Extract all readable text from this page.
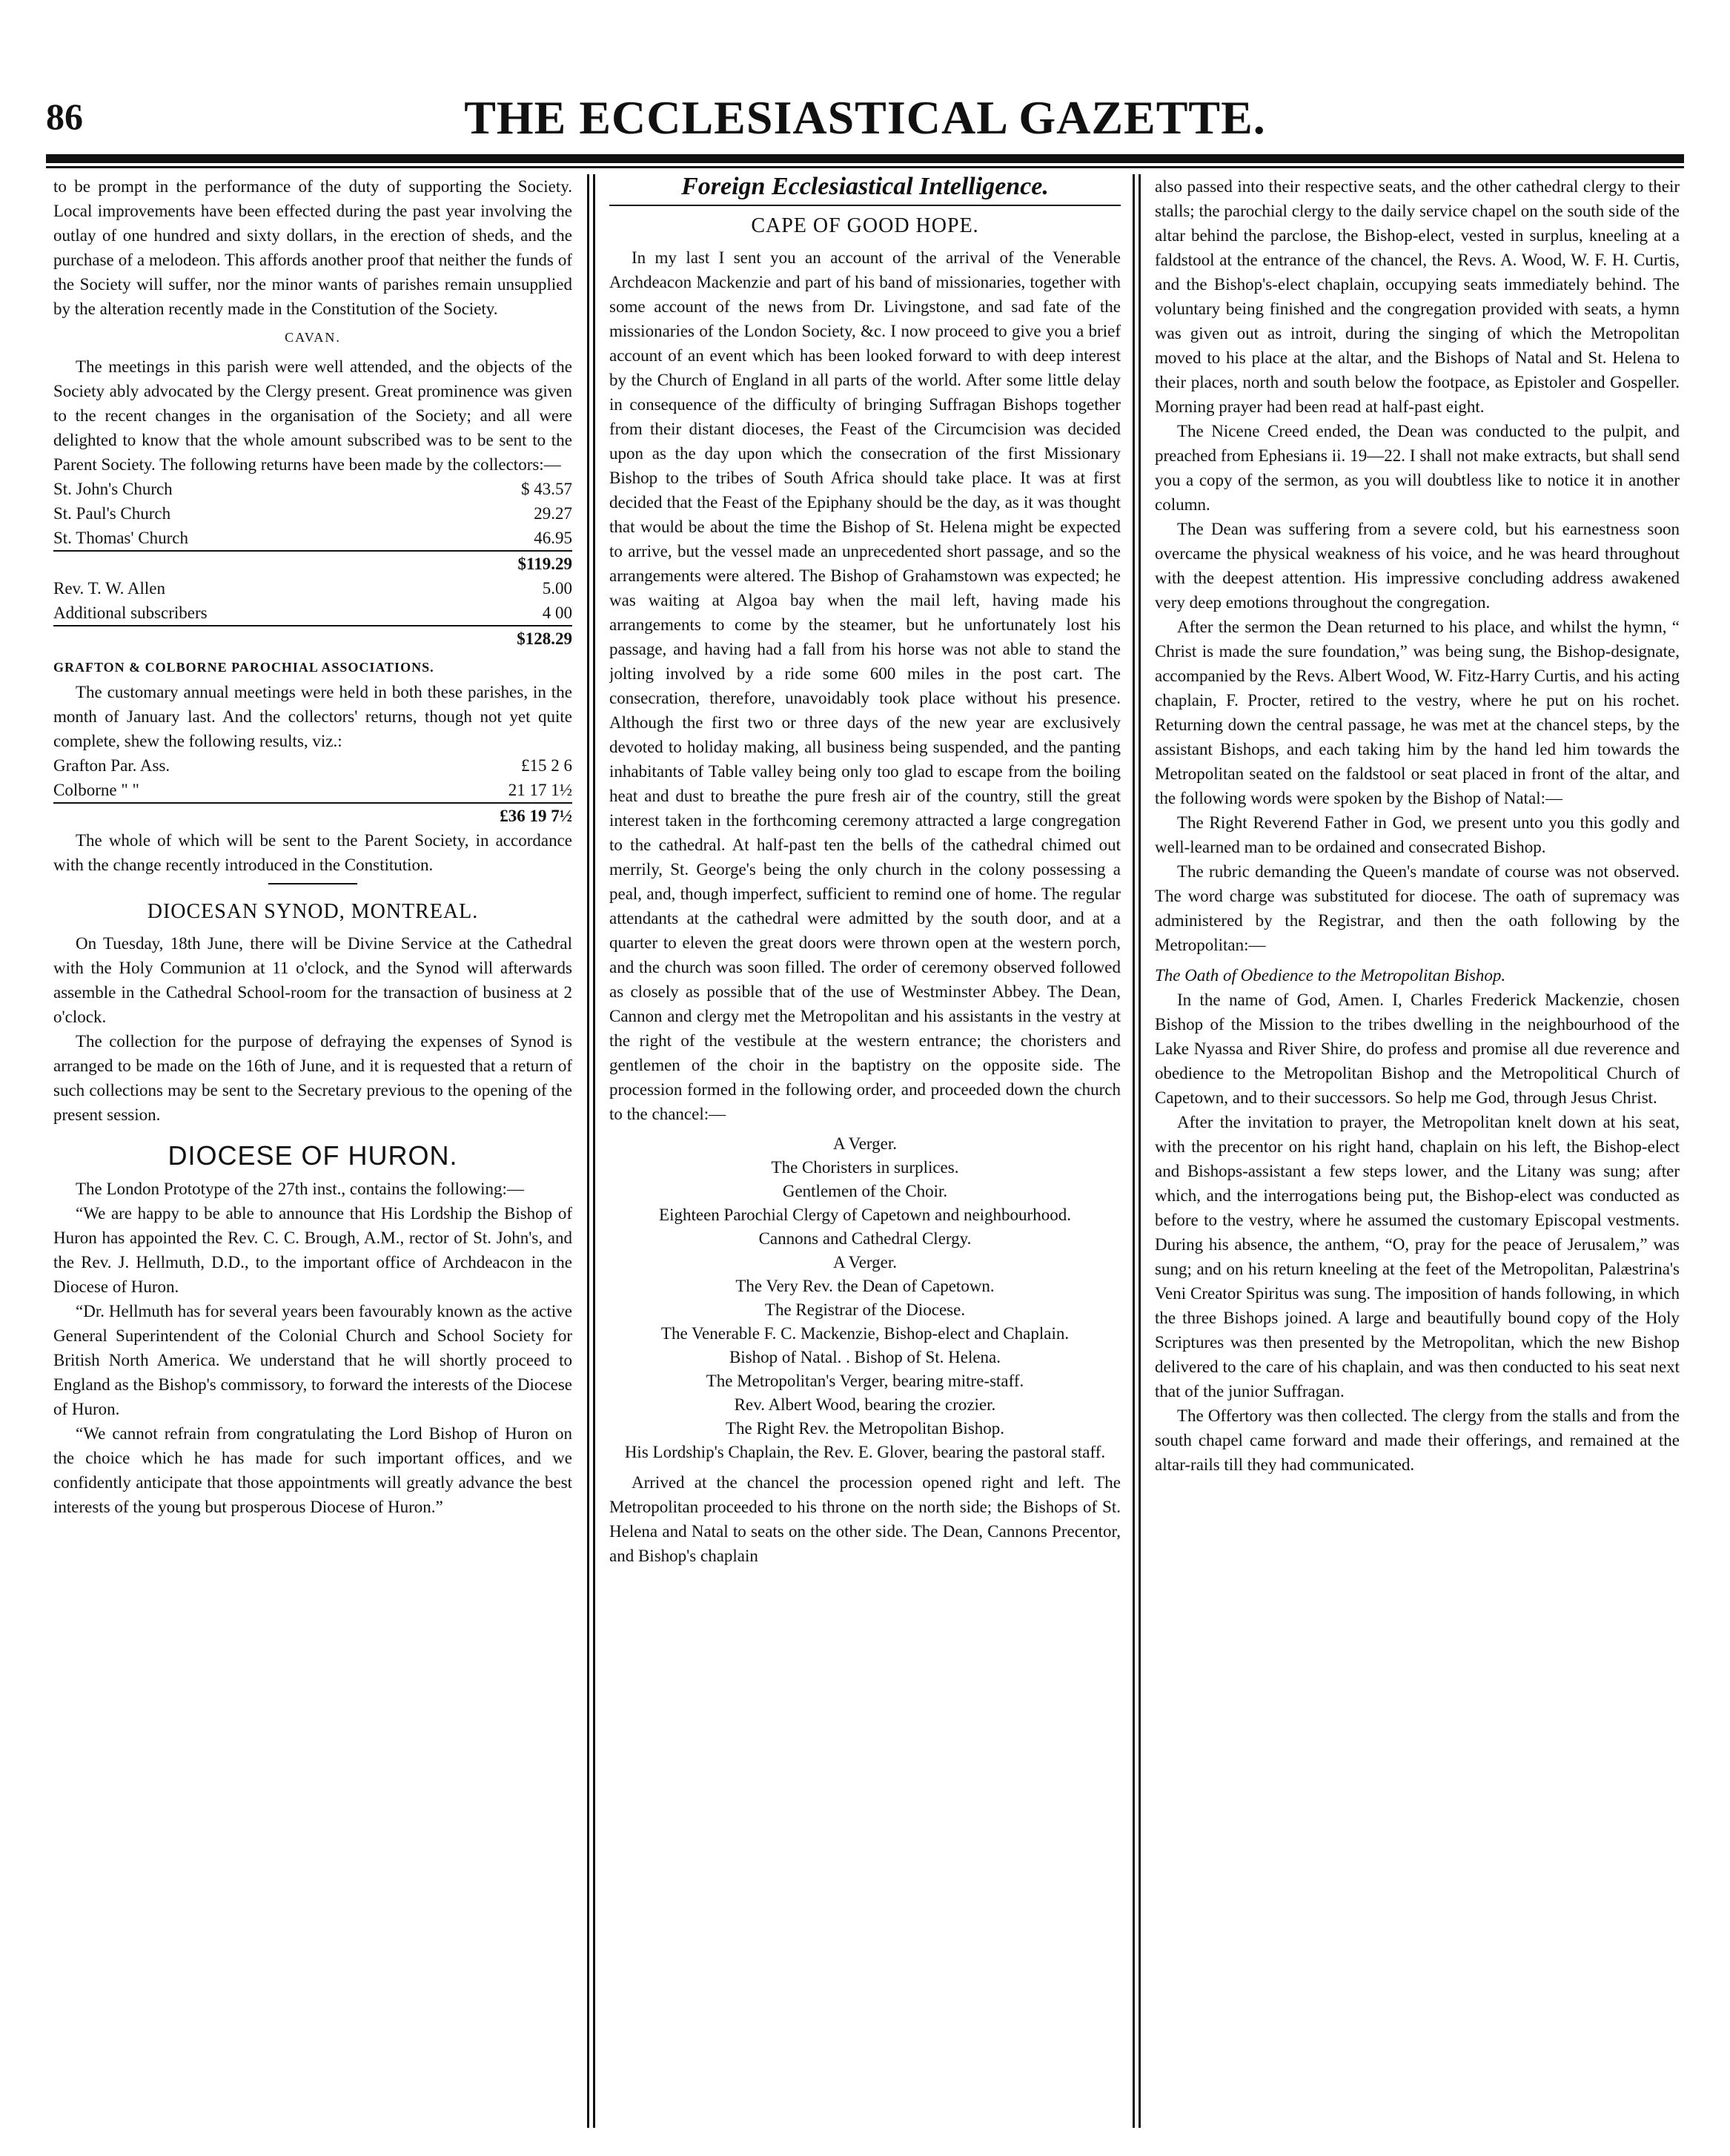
86	THE ECCLESIASTICAL GAZETTE.

to be prompt in the performance of the duty of supporting the Society. Local improvements have been effected during the past year involving the outlay of one hundred and sixty dollars, in the erection of sheds, and the purchase of a melodeon. This affords another proof that neither the funds of the Society will suffer, nor the minor wants of parishes remain unsupplied by the alteration recently made in the Constitution of the Society.

CAVAN.

The meetings in this parish were well attended, and the objects of the Society ably advocated by the Clergy present. Great prominence was given to the recent changes in the organisation of the Society; and all were delighted to know that the whole amount subscribed was to be sent to the Parent Society. The following returns have been made by the collectors:—

St. John's Church	$ 43.57
St. Paul's Church	29.27
St. Thomas' Church	46.95
	$119.29
Rev. T. W. Allen	5.00
Additional subscribers	4 00
	$128.29

GRAFTON & COLBORNE PAROCHIAL ASSOCIATIONS.

The customary annual meetings were held in both these parishes, in the month of January last. And the collectors' returns, though not yet quite complete, shew the following results, viz.:

Grafton Par. Ass.	£15 2 6
Colborne " "	21 17 1½
	£36 19 7½

The whole of which will be sent to the Parent Society, in accordance with the change recently introduced in the Constitution.

DIOCESAN SYNOD, MONTREAL.

On Tuesday, 18th June, there will be Divine Service at the Cathedral with the Holy Communion at 11 o'clock, and the Synod will afterwards assemble in the Cathedral School-room for the transaction of business at 2 o'clock.

The collection for the purpose of defraying the expenses of Synod is arranged to be made on the 16th of June, and it is requested that a return of such collections may be sent to the Secretary previous to the opening of the present session.

DIOCESE OF HURON.

The London Prototype of the 27th inst., contains the following:—

“We are happy to be able to announce that His Lordship the Bishop of Huron has appointed the Rev. C. C. Brough, A.M., rector of St. John's, and the Rev. J. Hellmuth, D.D., to the important office of Archdeacon in the Diocese of Huron.

“Dr. Hellmuth has for several years been favourably known as the active General Superintendent of the Colonial Church and School Society for British North America. We understand that he will shortly proceed to England as the Bishop's commissory, to forward the interests of the Diocese of Huron.

“We cannot refrain from congratulating the Lord Bishop of Huron on the choice which he has made for such important offices, and we confidently anticipate that those appointments will greatly advance the best interests of the young but prosperous Diocese of Huron.”

Foreign Ecclesiastical Intelligence.

CAPE OF GOOD HOPE.

In my last I sent you an account of the arrival of the Venerable Archdeacon Mackenzie and part of his band of missionaries, together with some account of the news from Dr. Livingstone, and sad fate of the missionaries of the London Society, &c. I now proceed to give you a brief account of an event which has been looked forward to with deep interest by the Church of England in all parts of the world. After some little delay in consequence of the difficulty of bringing Suffragan Bishops together from their distant dioceses, the Feast of the Circumcision was decided upon as the day upon which the consecration of the first Missionary Bishop to the tribes of South Africa should take place. It was at first decided that the Feast of the Epiphany should be the day, as it was thought that would be about the time the Bishop of St. Helena might be expected to arrive, but the vessel made an unprecedented short passage, and so the arrangements were altered. The Bishop of Grahamstown was expected; he was waiting at Algoa bay when the mail left, having made his arrangements to come by the steamer, but he unfortunately lost his passage, and having had a fall from his horse was not able to stand the jolting involved by a ride some 600 miles in the post cart. The consecration, therefore, unavoidably took place without his presence. Although the first two or three days of the new year are exclusively devoted to holiday making, all business being suspended, and the panting inhabitants of Table valley being only too glad to escape from the boiling heat and dust to breathe the pure fresh air of the country, still the great interest taken in the forthcoming ceremony attracted a large congregation to the cathedral. At half-past ten the bells of the cathedral chimed out merrily, St. George's being the only church in the colony possessing a peal, and, though imperfect, sufficient to remind one of home. The regular attendants at the cathedral were admitted by the south door, and at a quarter to eleven the great doors were thrown open at the western porch, and the church was soon filled. The order of ceremony observed followed as closely as possible that of the use of Westminster Abbey. The Dean, Cannon and clergy met the Metropolitan and his assistants in the vestry at the right of the vestibule at the western entrance; the choristers and gentlemen of the choir in the baptistry on the opposite side. The procession formed in the following order, and proceeded down the church to the chancel:—

A Verger.

The Choristers in surplices.

Gentlemen of the Choir.

Eighteen Parochial Clergy of Capetown and neighbourhood.

Cannons and Cathedral Clergy.

A Verger.

The Very Rev. the Dean of Capetown.

The Registrar of the Diocese.

The Venerable F. C. Mackenzie, Bishop-elect and Chaplain.

Bishop of Natal. . Bishop of St. Helena.

The Metropolitan's Verger, bearing mitre-staff.

Rev. Albert Wood, bearing the crozier.

The Right Rev. the Metropolitan Bishop.

His Lordship's Chaplain, the Rev. E. Glover, bearing the pastoral staff.

Arrived at the chancel the procession opened right and left. The Metropolitan proceeded to his throne on the north side; the Bishops of St. Helena and Natal to seats on the other side. The Dean, Cannons Precentor, and Bishop's chaplain

also passed into their respective seats, and the other cathedral clergy to their stalls; the parochial clergy to the daily service chapel on the south side of the altar behind the parclose, the Bishop-elect, vested in surplus, kneeling at a faldstool at the entrance of the chancel, the Revs. A. Wood, W. F. H. Curtis, and the Bishop's-elect chaplain, occupying seats immediately behind. The voluntary being finished and the congregation provided with seats, a hymn was given out as introit, during the singing of which the Metropolitan moved to his place at the altar, and the Bishops of Natal and St. Helena to their places, north and south below the footpace, as Epistoler and Gospeller. Morning prayer had been read at half-past eight.

The Nicene Creed ended, the Dean was conducted to the pulpit, and preached from Ephesians ii. 19—22. I shall not make extracts, but shall send you a copy of the sermon, as you will doubtless like to notice it in another column.

The Dean was suffering from a severe cold, but his earnestness soon overcame the physical weakness of his voice, and he was heard throughout with the deepest attention. His impressive concluding address awakened very deep emotions throughout the congregation.

After the sermon the Dean returned to his place, and whilst the hymn, “ Christ is made the sure foundation,” was being sung, the Bishop-designate, accompanied by the Revs. Albert Wood, W. Fitz-Harry Curtis, and his acting chaplain, F. Procter, retired to the vestry, where he put on his rochet. Returning down the central passage, he was met at the chancel steps, by the assistant Bishops, and each taking him by the hand led him towards the Metropolitan seated on the faldstool or seat placed in front of the altar, and the following words were spoken by the Bishop of Natal:—

The Right Reverend Father in God, we present unto you this godly and well-learned man to be ordained and consecrated Bishop.

The rubric demanding the Queen's mandate of course was not observed. The word charge was substituted for diocese. The oath of supremacy was administered by the Registrar, and then the oath following by the Metropolitan:—

The Oath of Obedience to the Metropolitan Bishop.

In the name of God, Amen. I, Charles Frederick Mackenzie, chosen Bishop of the Mission to the tribes dwelling in the neighbourhood of the Lake Nyassa and River Shire, do profess and promise all due reverence and obedience to the Metropolitan Bishop and the Metropolitical Church of Capetown, and to their successors. So help me God, through Jesus Christ.

After the invitation to prayer, the Metropolitan knelt down at his seat, with the precentor on his right hand, chaplain on his left, the Bishop-elect and Bishops-assistant a few steps lower, and the Litany was sung; after which, and the interrogations being put, the Bishop-elect was conducted as before to the vestry, where he assumed the customary Episcopal vestments. During his absence, the anthem, “O, pray for the peace of Jerusalem,” was sung; and on his return kneeling at the feet of the Metropolitan, Palæstrina's Veni Creator Spiritus was sung. The imposition of hands following, in which the three Bishops joined. A large and beautifully bound copy of the Holy Scriptures was then presented by the Metropolitan, which the new Bishop delivered to the care of his chaplain, and was then conducted to his seat next that of the junior Suffragan.

The Offertory was then collected. The clergy from the stalls and from the south chapel came forward and made their offerings, and remained at the altar-rails till they had communicated.
